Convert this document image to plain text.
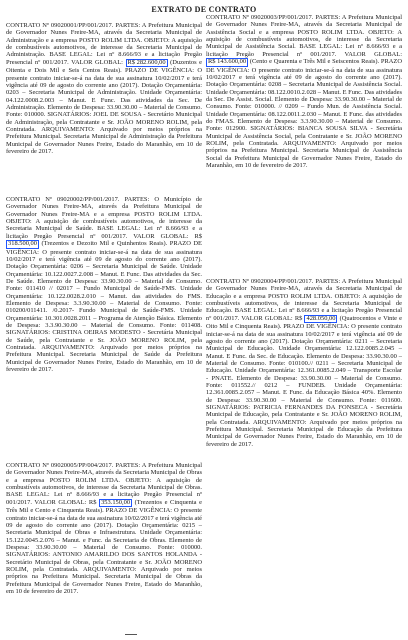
EXTRATO DE CONTRATO

CONTRATO Nº 09020001/PP/001/2017. PARTES: A Prefeitura Municipal de Governador Nunes Freire-MA, através da Secretaria Municipal de Administração e a empresa POSTO ROLIM LTDA. OBJETO: A aquisição de combustíveis automotivos, de interesse da Secretaria Municipal de Administração. BASE LEGAL: Lei nº 8.666/93 e a licitação Pregão Presencial nº 001/2017. VALOR GLOBAL: R$ 282.600,00 (Duzentos e Oitenta e Dois Mil e Seis Centos Reais). PRAZO DE VIGÊNCIA: O presente contrato iniciar-se-á na data de sua assinatura 10/02/2017 e terá vigência até 09 de agosto do corrente ano (2017). Dotação Orçamentária: 0203 – Secretaria Municipal de Administração. Unidade Orçamentária: 04.122.0008.2.003 – Manut. E Func. Das atividades da Sec. De Administração. Elemento de Despesa: 33.90.30.00 – Material de Consumo. Fonte: 010000. SIGNATÁRIOS: JOEL DE SOUSA - Secretário Municipal de Administração, pela Contratante e Sr. JOÃO MORENO ROLIM, pela Contratada. ARQUIVAMENTO: Arquivado por meios próprios na Prefeitura Municipal. Secretaria Municipal de Administração da Prefeitura Municipal de Governador Nunes Freire, Estado do Maranhão, em 10 de fevereiro de 2017.

CONTRATO Nº 09020002/PP/001/2017. PARTES: O Município de Governador Nunes Freire-MA, através da Prefeitura Municipal de Governador Nunes Freire-MA e a empresa POSTO ROLIM LTDA. OBJETO: A aquisição de combustíveis automotivos, de interesse da Secretaria Municipal de Saúde. BASE LEGAL: Lei nº 8.666/93 e a licitação Pregão Presencial nº 001/2017. VALOR GLOBAL: R$ 318.500,00 (Trezentos e Dezoito Mil e Quinhentos Reais). PRAZO DE VIGÊNCIA: O presente contrato iniciar-se-á na data de sua assinatura 10/02/2017 e terá vigência até 09 de agosto do corrente ano (2017). Dotação Orçamentária: 0206 – Secretaria Municipal de Saúde. Unidade Orçamentária: 10.122.0027.2.008 – Manut. E Func. Das atividades da Sec. De Saúde. Elemento de Despesa: 33.90.30.00 – Material de Consumo. Fonte: 011410 // 02017 – Fundo Municipal de Saúde-FMS. Unidade Orçamentária: 10.122.0028.2.010 – Manut. das atividades do FMS. Elemento de Despesa: 3.3.90.30.00 – Material de Consumo. Fonte: 010200/011411. /0.2017- Fundo Municipal de Saúde-FMS. Unidade Orçamentária: 10.301.0028.2011 – Programa de Atenção Básica. Elemento de Despesa: 3.3.90.30.00 – Material de Consumo. Fonte: 011408. SIGNATÁRIOS: CRISTINA OEIRAS MODESTO - Secretária Municipal de Saúde, pela Contratante e Sr. JOÃO MORENO ROLIM, pela Contratada. ARQUIVAMENTO: Arquivado por meios próprios na Prefeitura Municipal. Secretaria Municipal de Saúde da Prefeitura Municipal de Governador Nunes Freire, Estado do Maranhão, em 10 de fevereiro de 2017.

CONTRATO Nº 09020005/PP/004/2017. PARTES: A Prefeitura Municipal de Governador Nunes Freire-MA, através da Secretaria Municipal de Obras e a empresa POSTO ROLIM LTDA. OBJETO: A aquisição de combustíveis automotivos, de interesse da Secretaria Municipal de Obras. BASE LEGAL: Lei nº 8.666/93 e a licitação Pregão Presencial nº 001/2017. VALOR GLOBAL: R$ 353.150,00 (Trezentos e Cinquenta e Três Mil e Cento e Cinquenta Reais). PRAZO DE VIGÊNCIA: O presente contrato iniciar-se-á na data de sua assinatura 10/02/2017 e terá vigência até 09 de agosto do corrente ano (2017). Dotação Orçamentária: 0215 – Secretaria Municipal de Obras e Infraestrutura. Unidade Orçamentária: 15.122.0045.2.076 – Manut. e Func. da Secretaria de Obras. Elemento de Despesa: 33.90.30.00 – Material de Consumo. Fonte: 010000. SIGNATÁRIOS: ANTONIO AMARILDO DOS SANTOS HOLANDA - Secretário Municipal de Obras, pela Contratante e Sr. JOÃO MORENO ROLIM, pela Contratada. ARQUIVAMENTO: Arquivado por meios próprios na Prefeitura Municipal. Secretaria Municipal de Obras da Prefeitura Municipal de Governador Nunes Freire, Estado do Maranhão, em 10 de fevereiro de 2017.

CONTRATO Nº 09020003/PP/001/2017. PARTES: A Prefeitura Municipal de Governador Nunes Freire-MA, através da Secretaria Municipal de Assistência Social e a empresa POSTO ROLIM LTDA. OBJETO: A aquisição de combustíveis automotivos, de interesse da Secretaria Municipal de Assistência Social. BASE LEGAL: Lei nº 8.666/93 e a licitação Pregão Presencial nº 001/2017. VALOR GLOBAL: R$ 143.600,00 (Cento e Quarenta e Três Mil e Seiscentos Reais). PRAZO DE VIGÊNCIA: O presente contrato iniciar-se-á na data de sua assinatura 10/02/2017 e terá vigência até 09 de agosto do corrente ano (2017). Dotação Orçamentária: 0208 – Secretaria Municipal de Assistência Social. Unidade Orçamentária: 08.122.0010.2.028 – Manut. E Func. Das atividades da Sec. De Assist. Social. Elemento de Despesa: 33.90.30.00 – Material de Consumo. Fonte: 010000. // 0209 – Fundo Mun. de Assistência Social. Unidade Orçamentária: 08.122.0011.2.030 – Manut. E Func. das atividades do FMAS. Elemento de Despesa: 3.3.90.30.00 – Material de Consumo. Fonte: 012900. SIGNATÁRIOS: BIANCA SOUSA SILVA - Secretária Municipal de Assistência Social, pela Contratante e Sr. JOÃO MORENO ROLIM, pela Contratada. ARQUIVAMENTO: Arquivado por meios próprios na Prefeitura Municipal. Secretaria Municipal de Assistência Social da Prefeitura Municipal de Governador Nunes Freire, Estado do Maranhão, em 10 de fevereiro de 2017.

CONTRATO Nº 09020004/PP/001/2017. PARTES: A Prefeitura Municipal de Governador Nunes Freire-MA, através da Secretaria Municipal de Educação e a empresa POSTO ROLIM LTDA. OBJETO: A aquisição de combustíveis automotivos, de interesse da Secretaria Municipal de Educação. BASE LEGAL: Lei nº 8.666/93 e a licitação Pregão Presencial nº 001/2017. VALOR GLOBAL: R$ 428.050,00 (Quatrocentos e Vinte e Oito Mil e Cinquenta Reais). PRAZO DE VIGÊNCIA: O presente contrato iniciar-se-á na data de sua assinatura 10/02/2017 e terá vigência até 09 de agosto do corrente ano (2017). Dotação Orçamentária: 0211 – Secretaria Municipal de Educação. Unidade Orçamentária: 12.122.0085.2.045 – Manut. E Func. da Sec. de Educação. Elemento de Despesa: 33.90.30.00 – Material de Consumo. Fonte: 010100.// 0211 – Secretaria Municipal de Educação. Unidade Orçamentária: 12.361.0085.2.049 – Transporte Escolar - PNATE. Elemento de Despesa: 33.90.30.00 – Material de Consumo. Fonte: 011552.// 0212 – FUNDEB. Unidade Orçamentária: 12.361.0085.2.057 – Manut. E Func. da Educação Básica 40%. Elemento de Despesa: 33.90.30.00 – Material de Consumo. Fonte: 011600. SIGNATÁRIOS: PATRICIA FERNANDES DA FONSECA - Secretária Municipal de Educação, pela Contratante e Sr. JOÃO MORENO ROLIM, pela Contratada. ARQUIVAMENTO: Arquivado por meios próprios na Prefeitura Municipal. Secretaria Municipal de Educação da Prefeitura Municipal de Governador Nunes Freire, Estado do Maranhão, em 10 de fevereiro de 2017.
